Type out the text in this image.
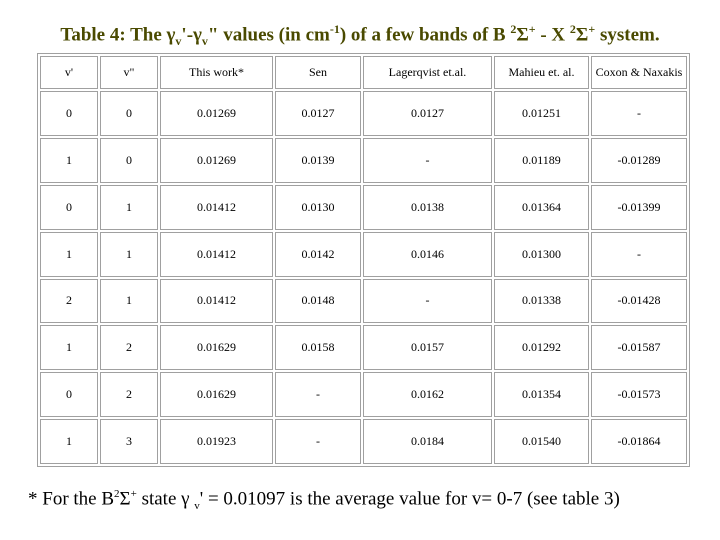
Table 4: The $\gamma_v'-\gamma_v$" values (in $cm^{-1}$) of a few bands of B $^2$Σ+ - X $^2$Σ+ system.
v'	v"	This work*	Sen	Lagerqvist et.al.	Mahieu et. al.	Coxon & Naxakis
0	0	0.01269	0.0127	0.0127	0.01251	-
1	0	0.01269	0.0139	-	0.01189	-0.01289
0	1	0.01412	0.0130	0.0138	0.01364	-0.01399
1	1	0.01412	0.0142	0.0146	0.01300	-
2	1	0.01412	0.0148	-	0.01338	-0.01428
1	2	0.01629	0.0158	0.0157	0.01292	-0.01587
0	2	0.01629	-	0.0162	0.01354	-0.01573
1	3	0.01923	-	0.0184	0.01540	-0.01864
* For the $B^2\Sigma^+$ state γ $_v$' = 0.01097 is the average value for v= 0-7 (see table 3)
